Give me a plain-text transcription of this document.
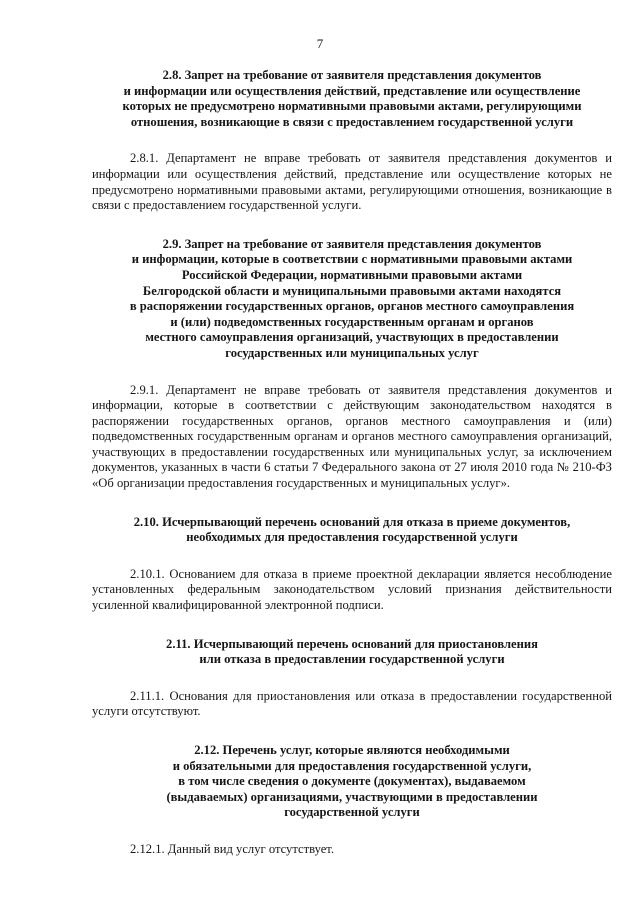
7

2.8. Запрет на требование от заявителя представления документов
и информации или осуществления действий, представление или осуществление
которых не предусмотрено нормативными правовыми актами, регулирующими
отношения, возникающие в связи с предоставлением государственной услуги

2.8.1. Департамент не вправе требовать от заявителя представления документов и информации или осуществления действий, представление или осуществление которых не предусмотрено нормативными правовыми актами, регулирующими отношения, возникающие в связи с предоставлением государственной услуги.

2.9. Запрет на требование от заявителя представления документов
и информации, которые в соответствии с нормативными правовыми актами
Российской Федерации, нормативными правовыми актами
Белгородской области и муниципальными правовыми актами находятся
в распоряжении государственных органов, органов местного самоуправления
и (или) подведомственных государственным органам и органов
местного самоуправления организаций, участвующих в предоставлении
государственных или муниципальных услуг

2.9.1. Департамент не вправе требовать от заявителя представления документов и информации, которые в соответствии с действующим законодательством находятся в распоряжении государственных органов, органов местного самоуправления и (или) подведомственных государственным органам и органов местного самоуправления организаций, участвующих в предоставлении государственных или муниципальных услуг, за исключением документов, указанных в части 6 статьи 7 Федерального закона от 27 июля 2010 года № 210-ФЗ «Об организации предоставления государственных и муниципальных услуг».

2.10. Исчерпывающий перечень оснований для отказа в приеме документов,
необходимых для предоставления государственной услуги

2.10.1. Основанием для отказа в приеме проектной декларации является несоблюдение установленных федеральным законодательством условий признания действительности усиленной квалифицированной электронной подписи.

2.11. Исчерпывающий перечень оснований для приостановления
или отказа в предоставлении государственной услуги

2.11.1. Основания для приостановления или отказа в предоставлении государственной услуги отсутствуют.

2.12. Перечень услуг, которые являются необходимыми
и обязательными для предоставления государственной услуги,
в том числе сведения о документе (документах), выдаваемом
(выдаваемых) организациями, участвующими в предоставлении
государственной услуги

2.12.1. Данный вид услуг отсутствует.
